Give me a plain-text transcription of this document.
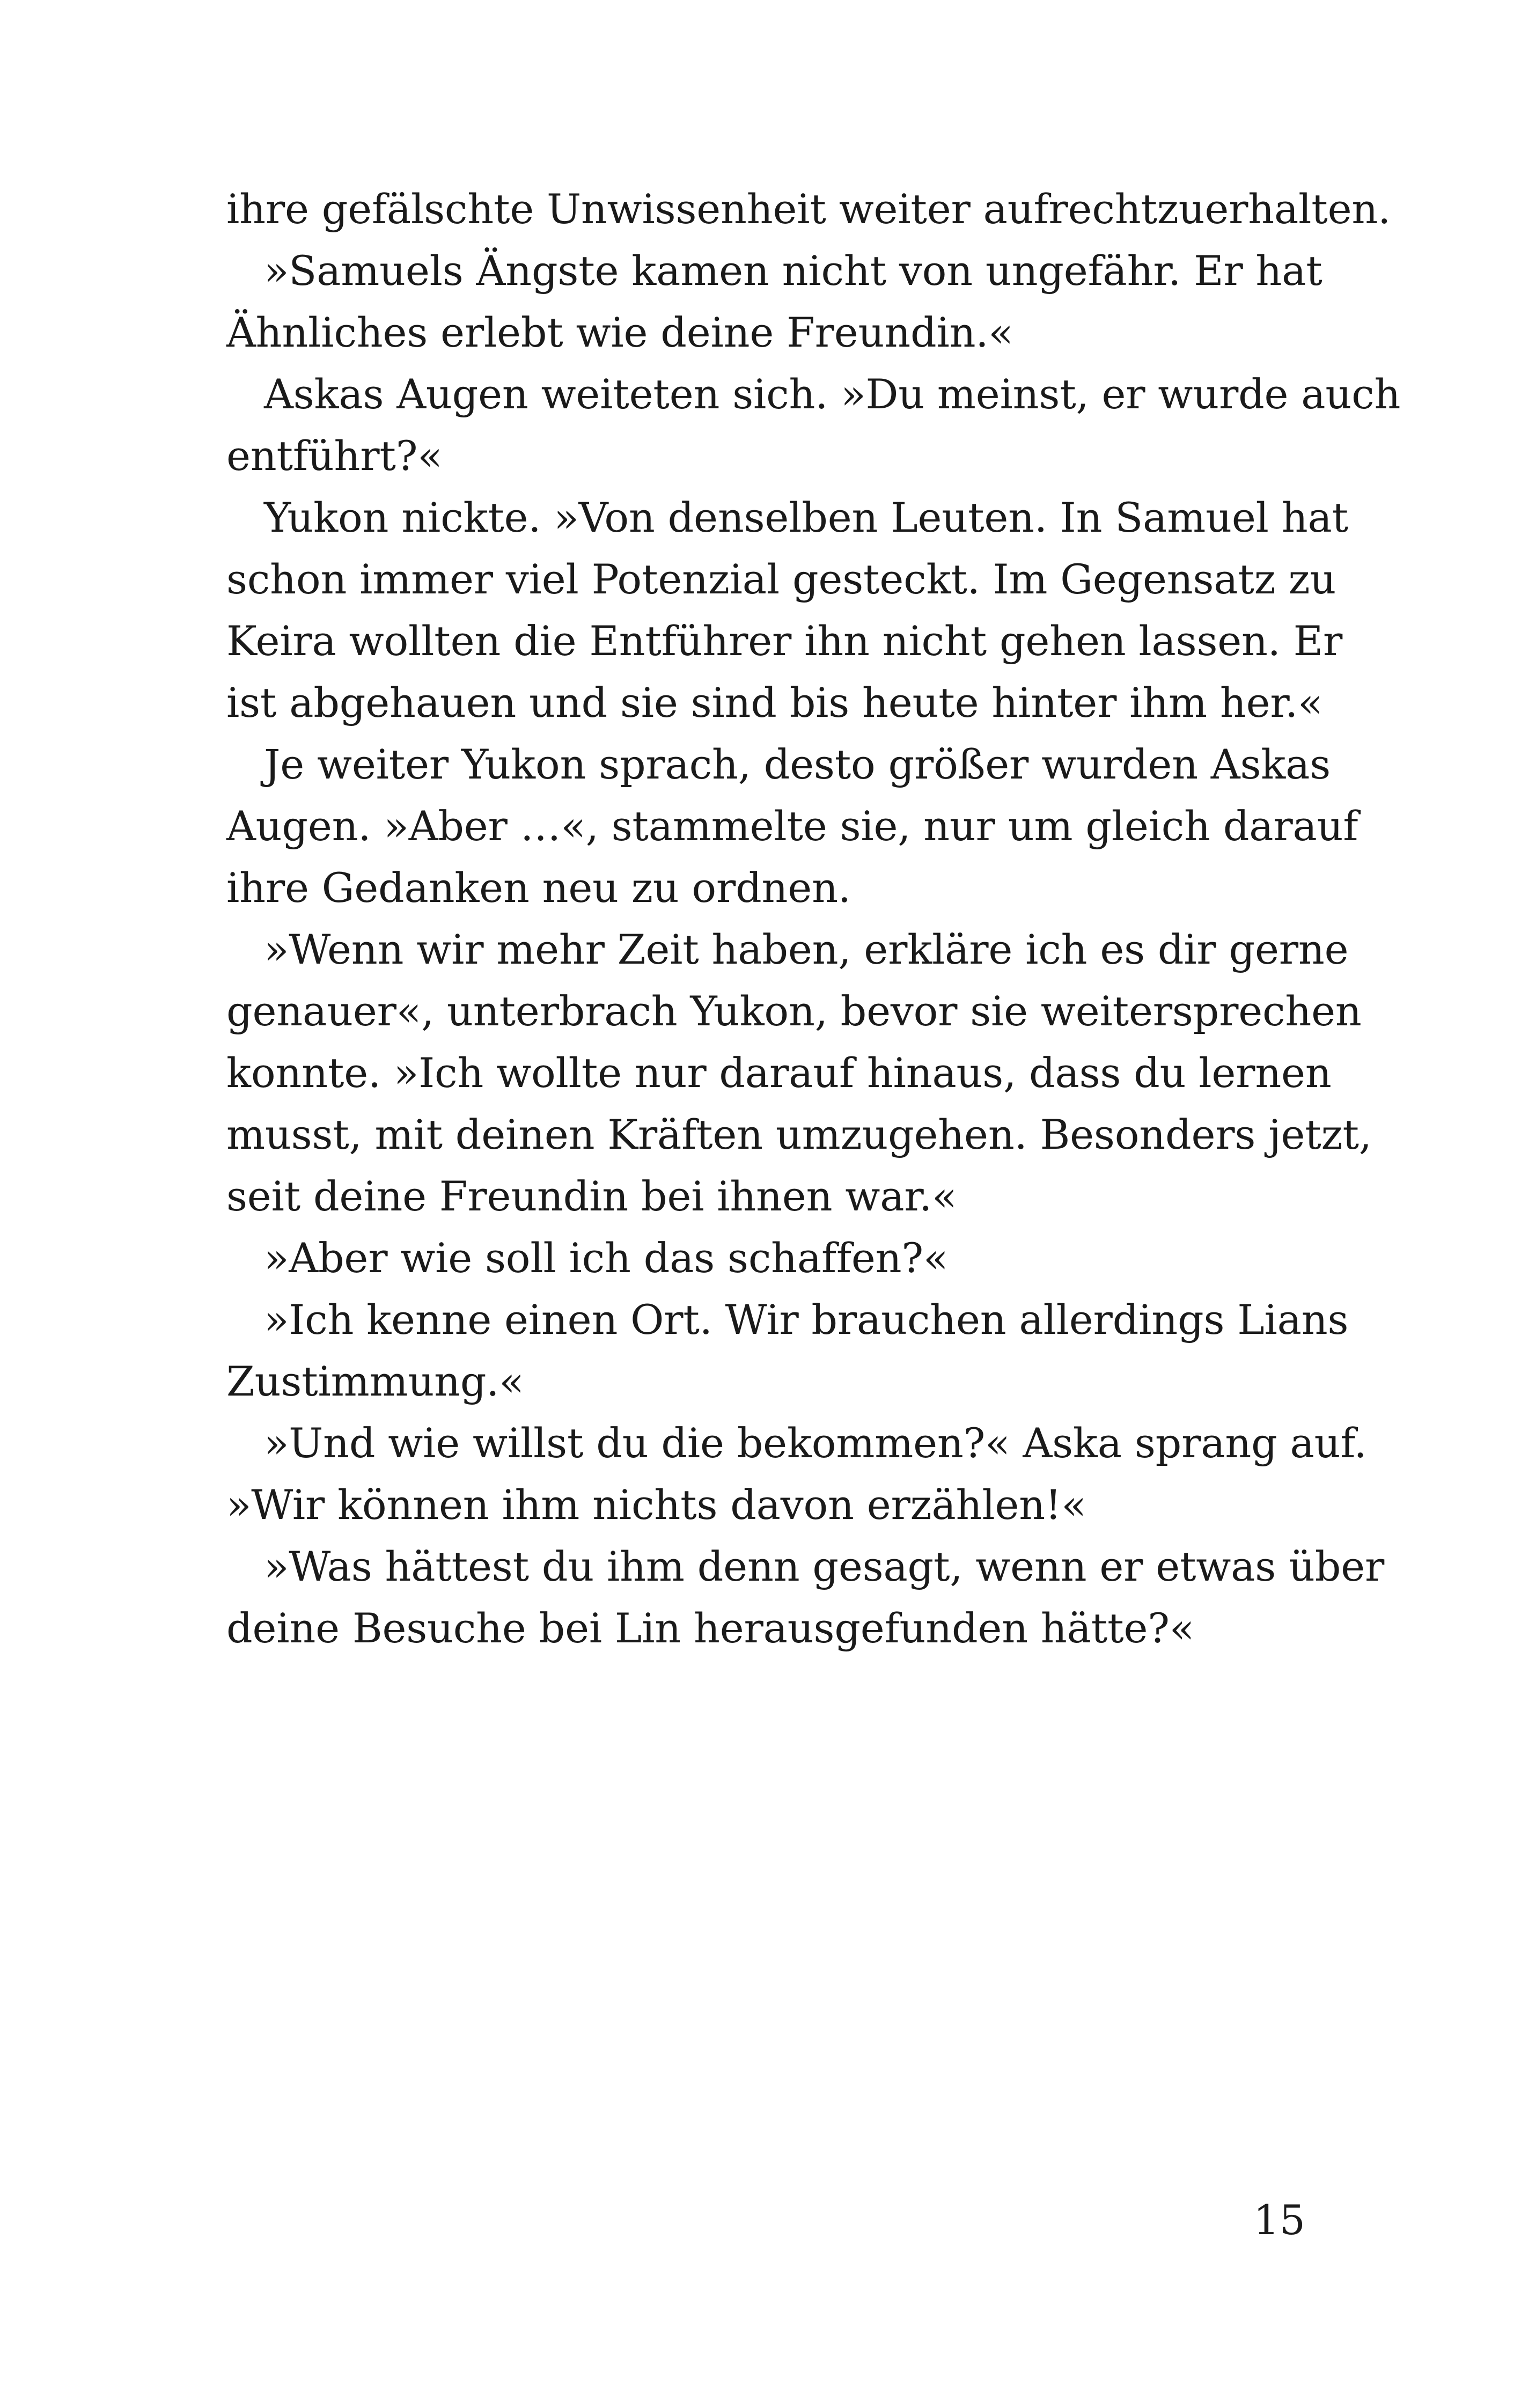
ihre gefälschte Unwissenheit weiter aufrechtzuerhalten.
»Samuels Ängste kamen nicht von ungefähr. Er hat
Ähnliches erlebt wie deine Freundin.«
Askas Augen weiteten sich. »Du meinst, er wurde auch
entführt?«
Yukon nickte. »Von denselben Leuten. In Samuel hat
schon immer viel Potenzial gesteckt. Im Gegensatz zu
Keira wollten die Entführer ihn nicht gehen lassen. Er
ist abgehauen und sie sind bis heute hinter ihm her.«
Je weiter Yukon sprach, desto größer wurden Askas
Augen. »Aber …«, stammelte sie, nur um gleich darauf
ihre Gedanken neu zu ordnen.
»Wenn wir mehr Zeit haben, erkläre ich es dir gerne
genauer«, unterbrach Yukon, bevor sie weitersprechen
konnte. »Ich wollte nur darauf hinaus, dass du lernen
musst, mit deinen Kräften umzugehen. Besonders jetzt,
seit deine Freundin bei ihnen war.«
»Aber wie soll ich das schaffen?«
»Ich kenne einen Ort. Wir brauchen allerdings Lians
Zustimmung.«
»Und wie willst du die bekommen?« Aska sprang auf.
»Wir können ihm nichts davon erzählen!«
»Was hättest du ihm denn gesagt, wenn er etwas über
deine Besuche bei Lin herausgefunden hätte?«
15
